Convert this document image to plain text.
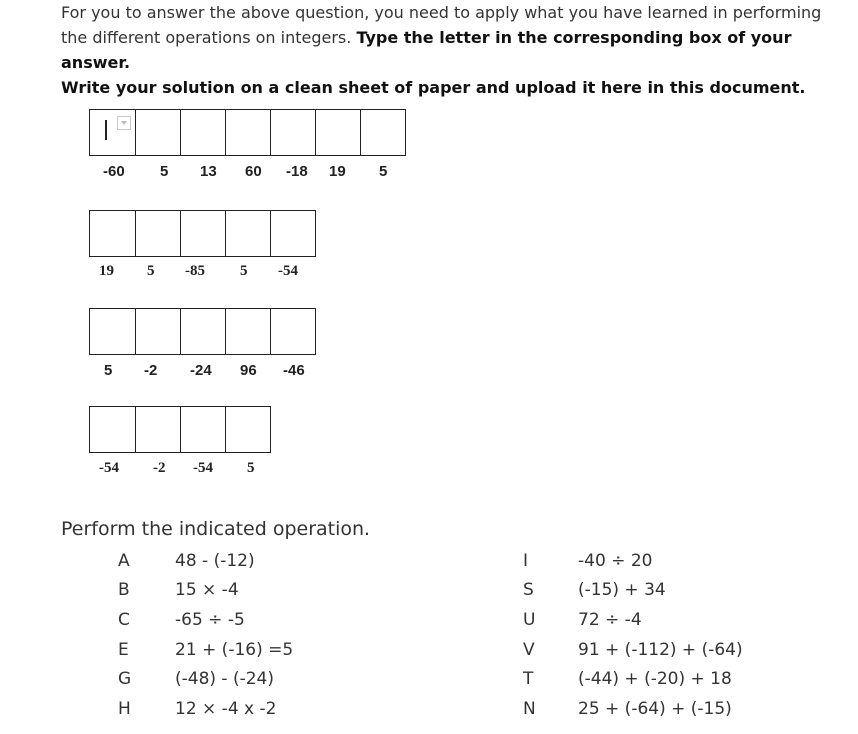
For you to answer the above question, you need to apply what you have learned in performing
the different operations on integers. Type the letter in the corresponding box of your answer.
Write your solution on a clean sheet of paper and upload it here in this document.
-60 5 13 60 -18 19 5
19 5 -85 5 -54
5 -2 -24 96 -46
-54 -2 -54 5
Perform the indicated operation.
A	48 - (-12)
B	15 × -4
C	-65 ÷ -5
E	21 + (-16) =5
G	(-48) - (-24)
H	12 × -4 x -2
I	-40 ÷ 20
S	(-15) + 34
U	72 ÷ -4
V	91 + (-112) + (-64)
T	(-44) + (-20) + 18
N 25 + (-64) + (-15)
